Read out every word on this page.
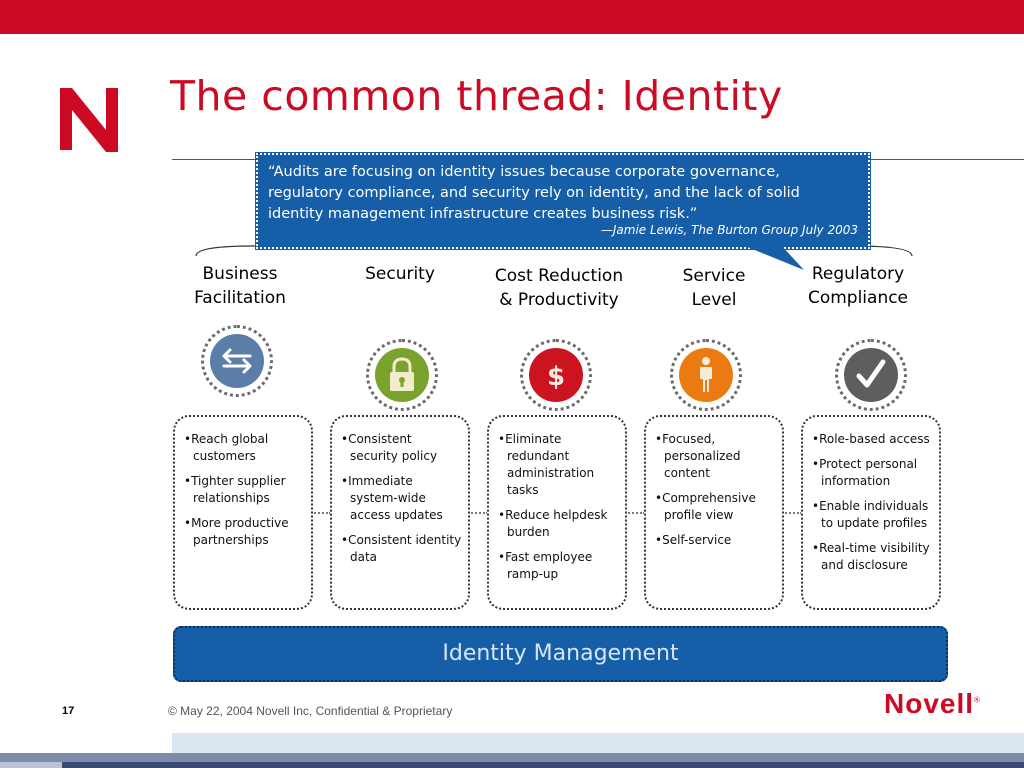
The common thread: Identity
“Audits are focusing on identity issues because corporate governance, regulatory compliance, and security rely on identity, and the lack of solid identity management infrastructure creates business risk.”
—Jamie Lewis, The Burton Group July 2003
Business
Facilitation
Security	Cost Reduction
& Productivity
Service
Level
Regulatory
Compliance
$
•Reach global customers
•Tighter supplier relationships
•More productive partnerships
•Consistent security policy
•Immediate system-wide access updates
•Consistent identity data
•Eliminate redundant administration tasks
•Reduce helpdesk burden
•Fast employee ramp-up
•Focused, personalized content
•Comprehensive profile view
•Self-service
•Role-based access
•Protect personal information
•Enable individuals to update profiles
•Real-time visibility and disclosure
Identity Management
17	© May 22, 2004 Novell Inc, Confidential & Proprietary	Novell®
